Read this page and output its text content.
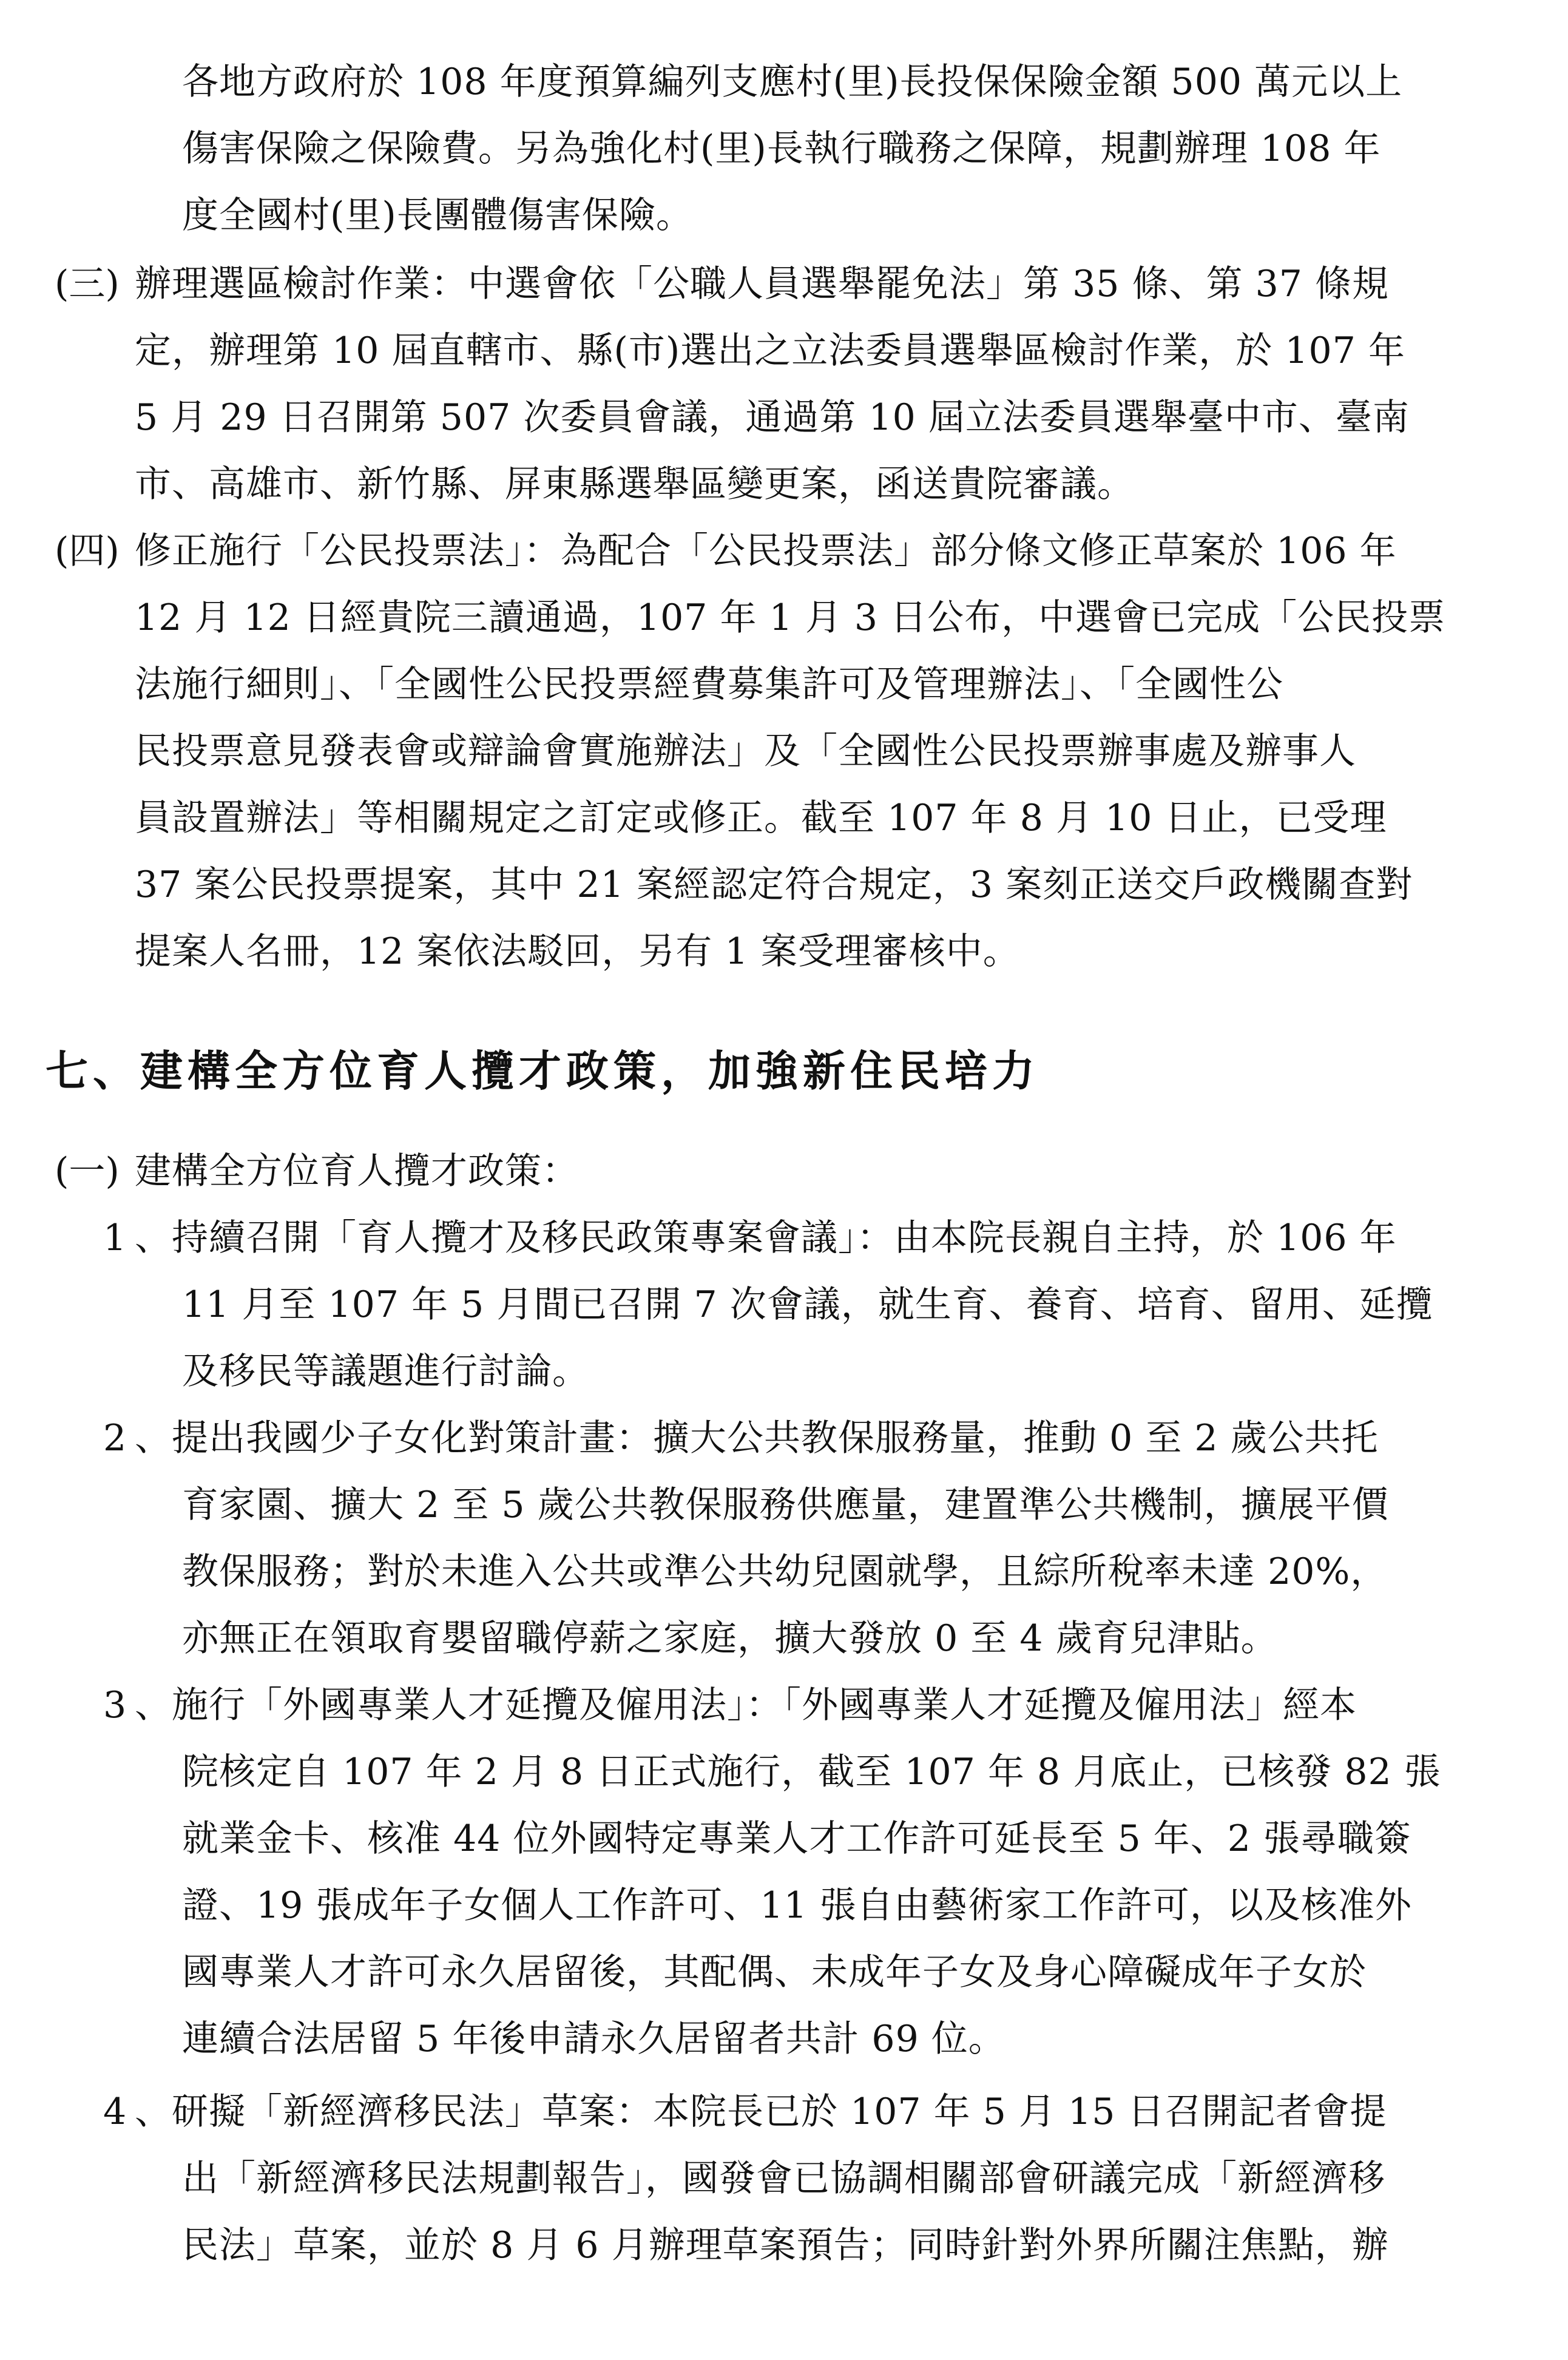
各地方政府於 108 年度預算編列支應村(里)長投保保險金額 500 萬元以上
傷害保險之保險費。另為強化村(里)長執行職務之保障，規劃辦理 108 年
度全國村(里)長團體傷害保險。
(三) 辦理選區檢討作業：中選會依「公職人員選舉罷免法」第 35 條、第 37 條規
定，辦理第 10 屆直轄市、縣(市)選出之立法委員選舉區檢討作業，於 107 年
5 月 29 日召開第 507 次委員會議，通過第 10 屆立法委員選舉臺中市、臺南
市、高雄市、新竹縣、屏東縣選舉區變更案，函送貴院審議。
(四) 修正施行「公民投票法」：為配合「公民投票法」部分條文修正草案於 106 年
12 月 12 日經貴院三讀通過，107 年 1 月 3 日公布，中選會已完成「公民投票
法施行細則」、「全國性公民投票經費募集許可及管理辦法」、「全國性公
民投票意見發表會或辯論會實施辦法」及「全國性公民投票辦事處及辦事人
員設置辦法」等相關規定之訂定或修正。截至 107 年 8 月 10 日止，已受理
37 案公民投票提案，其中 21 案經認定符合規定，3 案刻正送交戶政機關查對
提案人名冊，12 案依法駁回，另有 1 案受理審核中。
七、建構全方位育人攬才政策，加強新住民培力
(一) 建構全方位育人攬才政策：
1 、持續召開「育人攬才及移民政策專案會議」：由本院長親自主持，於 106 年
11 月至 107 年 5 月間已召開 7 次會議，就生育、養育、培育、留用、延攬
及移民等議題進行討論。
2 、提出我國少子女化對策計畫：擴大公共教保服務量，推動 0 至 2 歲公共托
育家園、擴大 2 至 5 歲公共教保服務供應量，建置準公共機制，擴展平價
教保服務；對於未進入公共或準公共幼兒園就學，且綜所稅率未達 20%，
亦無正在領取育嬰留職停薪之家庭，擴大發放 0 至 4 歲育兒津貼。
3 、施行「外國專業人才延攬及僱用法」：「外國專業人才延攬及僱用法」經本
院核定自 107 年 2 月 8 日正式施行，截至 107 年 8 月底止，已核發 82 張
就業金卡、核准 44 位外國特定專業人才工作許可延長至 5 年、2 張尋職簽
證、19 張成年子女個人工作許可、11 張自由藝術家工作許可，以及核准外
國專業人才許可永久居留後，其配偶、未成年子女及身心障礙成年子女於
連續合法居留 5 年後申請永久居留者共計 69 位。
4 、研擬「新經濟移民法」草案：本院長已於 107 年 5 月 15 日召開記者會提
出「新經濟移民法規劃報告」，國發會已協調相關部會研議完成「新經濟移
民法」草案，並於 8 月 6 月辦理草案預告；同時針對外界所關注焦點，辦
